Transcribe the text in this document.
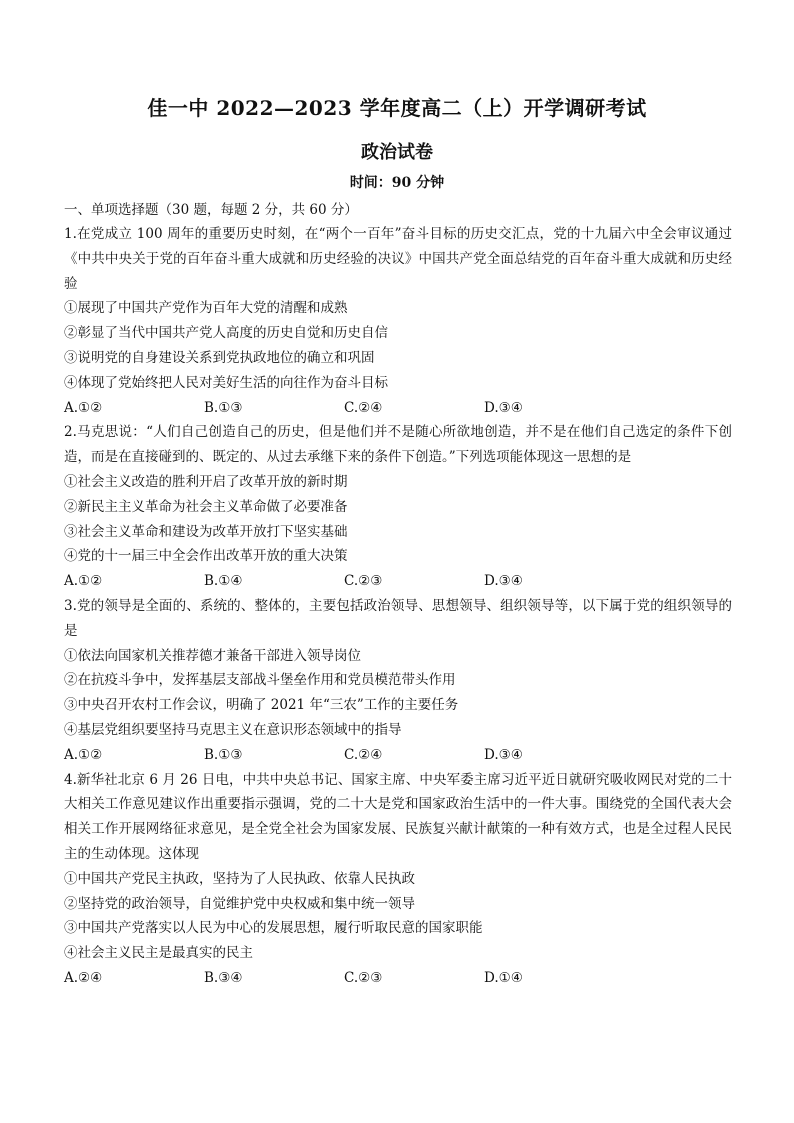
佳一中 2022—2023 学年度高二（上）开学调研考试
政治试卷
时间：90 分钟
一、单项选择题（30 题，每题 2 分，共 60 分）

1.在党成立 100 周年的重要历史时刻，在“两个一百年”奋斗目标的历史交汇点，党的十九届六中全会审议通过《中共中央关于党的百年奋斗重大成就和历史经验的决议》中国共产党全面总结党的百年奋斗重大成就和历史经验

①展现了中国共产党作为百年大党的清醒和成熟

②彰显了当代中国共产党人高度的历史自觉和历史自信

③说明党的自身建设关系到党执政地位的确立和巩固

④体现了党始终把人民对美好生活的向往作为奋斗目标

A.①②	B.①③	C.②④	D.③④

2.马克思说：“人们自己创造自己的历史，但是他们并不是随心所欲地创造，并不是在他们自己选定的条件下创造，而是在直接碰到的、既定的、从过去承继下来的条件下创造。”下列选项能体现这一思想的是

①社会主义改造的胜利开启了改革开放的新时期

②新民主主义革命为社会主义革命做了必要准备

③社会主义革命和建设为改革开放打下坚实基础

④党的十一届三中全会作出改革开放的重大决策

A.①②	B.①④	C.②③	D.③④

3.党的领导是全面的、系统的、整体的，主要包括政治领导、思想领导、组织领导等，以下属于党的组织领导的是

①依法向国家机关推荐德才兼备干部进入领导岗位

②在抗疫斗争中，发挥基层支部战斗堡垒作用和党员模范带头作用

③中央召开农村工作会议，明确了 2021 年“三农”工作的主要任务

④基层党组织要坚持马克思主义在意识形态领域中的指导

A.①②	B.①③	C.②④	D.③④

4.新华社北京 6 月 26 日电，中共中央总书记、国家主席、中央军委主席习近平近日就研究吸收网民对党的二十大相关工作意见建议作出重要指示强调，党的二十大是党和国家政治生活中的一件大事。围绕党的全国代表大会相关工作开展网络征求意见，是全党全社会为国家发展、民族复兴献计献策的一种有效方式，也是全过程人民民主的生动体现。这体现

①中国共产党民主执政，坚持为了人民执政、依靠人民执政

②坚持党的政治领导，自觉维护党中央权威和集中统一领导

③中国共产党落实以人民为中心的发展思想，履行听取民意的国家职能

④社会主义民主是最真实的民主

A.②④	B.③④	C.②③	D.①④
